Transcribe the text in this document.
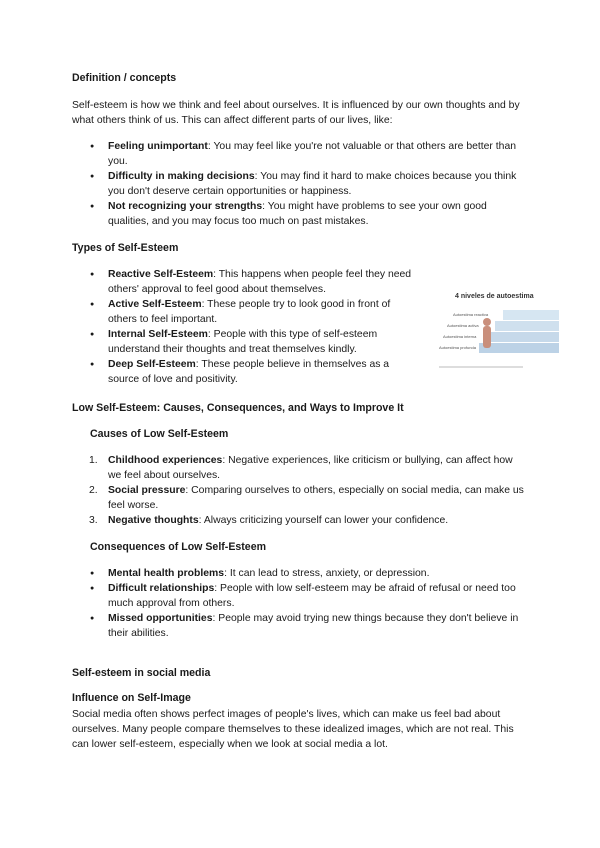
Definition / concepts
Self-esteem is how we think and feel about ourselves. It is influenced by our own thoughts and by what others think of us. This can affect different parts of our lives, like:
● Feeling unimportant: You may feel like you're not valuable or that others are better than you.
● Difficulty in making decisions: You may find it hard to make choices because you think you don't deserve certain opportunities or happiness.
● Not recognizing your strengths: You might have problems to see your own good qualities, and you may focus too much on past mistakes.
Types of Self-Esteem
● Reactive Self-Esteem: This happens when people feel they need others' approval to feel good about themselves.
● Active Self-Esteem: These people try to look good in front of others to feel important.
● Internal Self-Esteem: People with this type of self-esteem understand their thoughts and treat themselves kindly.
● Deep Self-Esteem: These people believe in themselves as a source of love and positivity.
4 niveles de autoestima
Autoestima reactiva
Autoestima activa
Autoestima interna
Autoestima profunda
Low Self-Esteem: Causes, Consequences, and Ways to Improve It
Causes of Low Self-Esteem
1. Childhood experiences: Negative experiences, like criticism or bullying, can affect how we feel about ourselves.
2. Social pressure: Comparing ourselves to others, especially on social media, can make us feel worse.
3. Negative thoughts: Always criticizing yourself can lower your confidence.
Consequences of Low Self-Esteem
● Mental health problems: It can lead to stress, anxiety, or depression.
● Difficult relationships: People with low self-esteem may be afraid of refusal or need too much approval from others.
● Missed opportunities: People may avoid trying new things because they don't believe in their abilities.
Self-esteem in social media
Influence on Self-Image
Social media often shows perfect images of people's lives, which can make us feel bad about ourselves. Many people compare themselves to these idealized images, which are not real. This can lower self-esteem, especially when we look at social media a lot.
